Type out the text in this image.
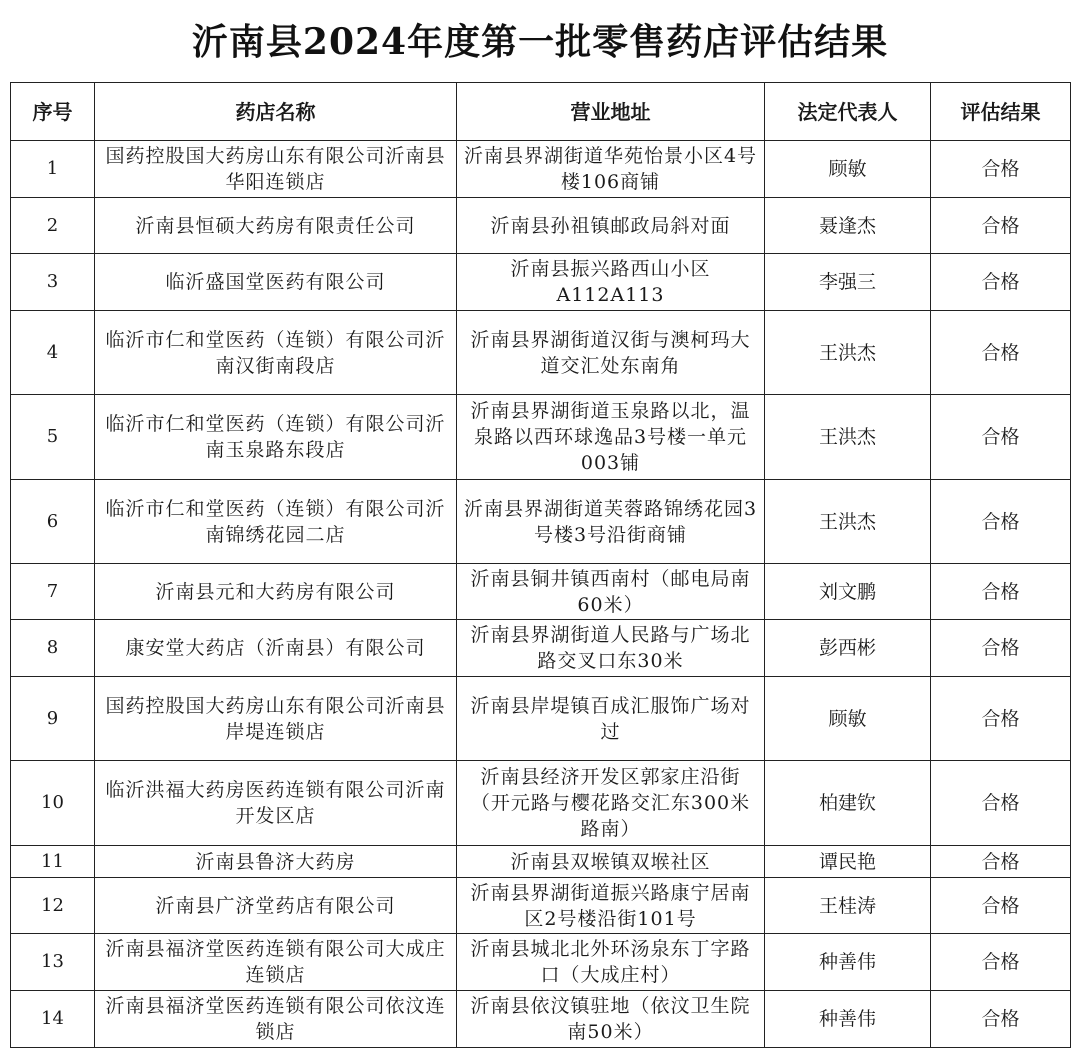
沂南县2024年度第一批零售药店评估结果
序号	药店名称	营业地址	法定代表人	评估结果
1	国药控股国大药房山东有限公司沂南县华阳连锁店	沂南县界湖街道华苑怡景小区4号楼106商铺	顾敏	合格
2	沂南县恒硕大药房有限责任公司	沂南县孙祖镇邮政局斜对面	聂逢杰	合格
3	临沂盛国堂医药有限公司	沂南县振兴路西山小区A112A113	李强三	合格
4	临沂市仁和堂医药（连锁）有限公司沂南汉街南段店	沂南县界湖街道汉街与澳柯玛大道交汇处东南角	王洪杰	合格
5	临沂市仁和堂医药（连锁）有限公司沂南玉泉路东段店	沂南县界湖街道玉泉路以北，温泉路以西环球逸品3号楼一单元003铺	王洪杰	合格
6	临沂市仁和堂医药（连锁）有限公司沂南锦绣花园二店	沂南县界湖街道芙蓉路锦绣花园3号楼3号沿街商铺	王洪杰	合格
7	沂南县元和大药房有限公司	沂南县铜井镇西南村（邮电局南60米）	刘文鹏	合格
8	康安堂大药店（沂南县）有限公司	沂南县界湖街道人民路与广场北路交叉口东30米	彭西彬	合格
9	国药控股国大药房山东有限公司沂南县岸堤连锁店	沂南县岸堤镇百成汇服饰广场对过	顾敏	合格
10	临沂洪福大药房医药连锁有限公司沂南开发区店	沂南县经济开发区郭家庄沿街（开元路与樱花路交汇东300米路南）	柏建钦	合格
11	沂南县鲁济大药房	沂南县双堠镇双堠社区	谭民艳	合格
12	沂南县广济堂药店有限公司	沂南县界湖街道振兴路康宁居南区2号楼沿街101号	王桂涛	合格
13	沂南县福济堂医药连锁有限公司大成庄连锁店	沂南县城北北外环汤泉东丁字路口（大成庄村）	种善伟	合格
14	沂南县福济堂医药连锁有限公司依汶连锁店	沂南县依汶镇驻地（依汶卫生院南50米）	种善伟	合格
